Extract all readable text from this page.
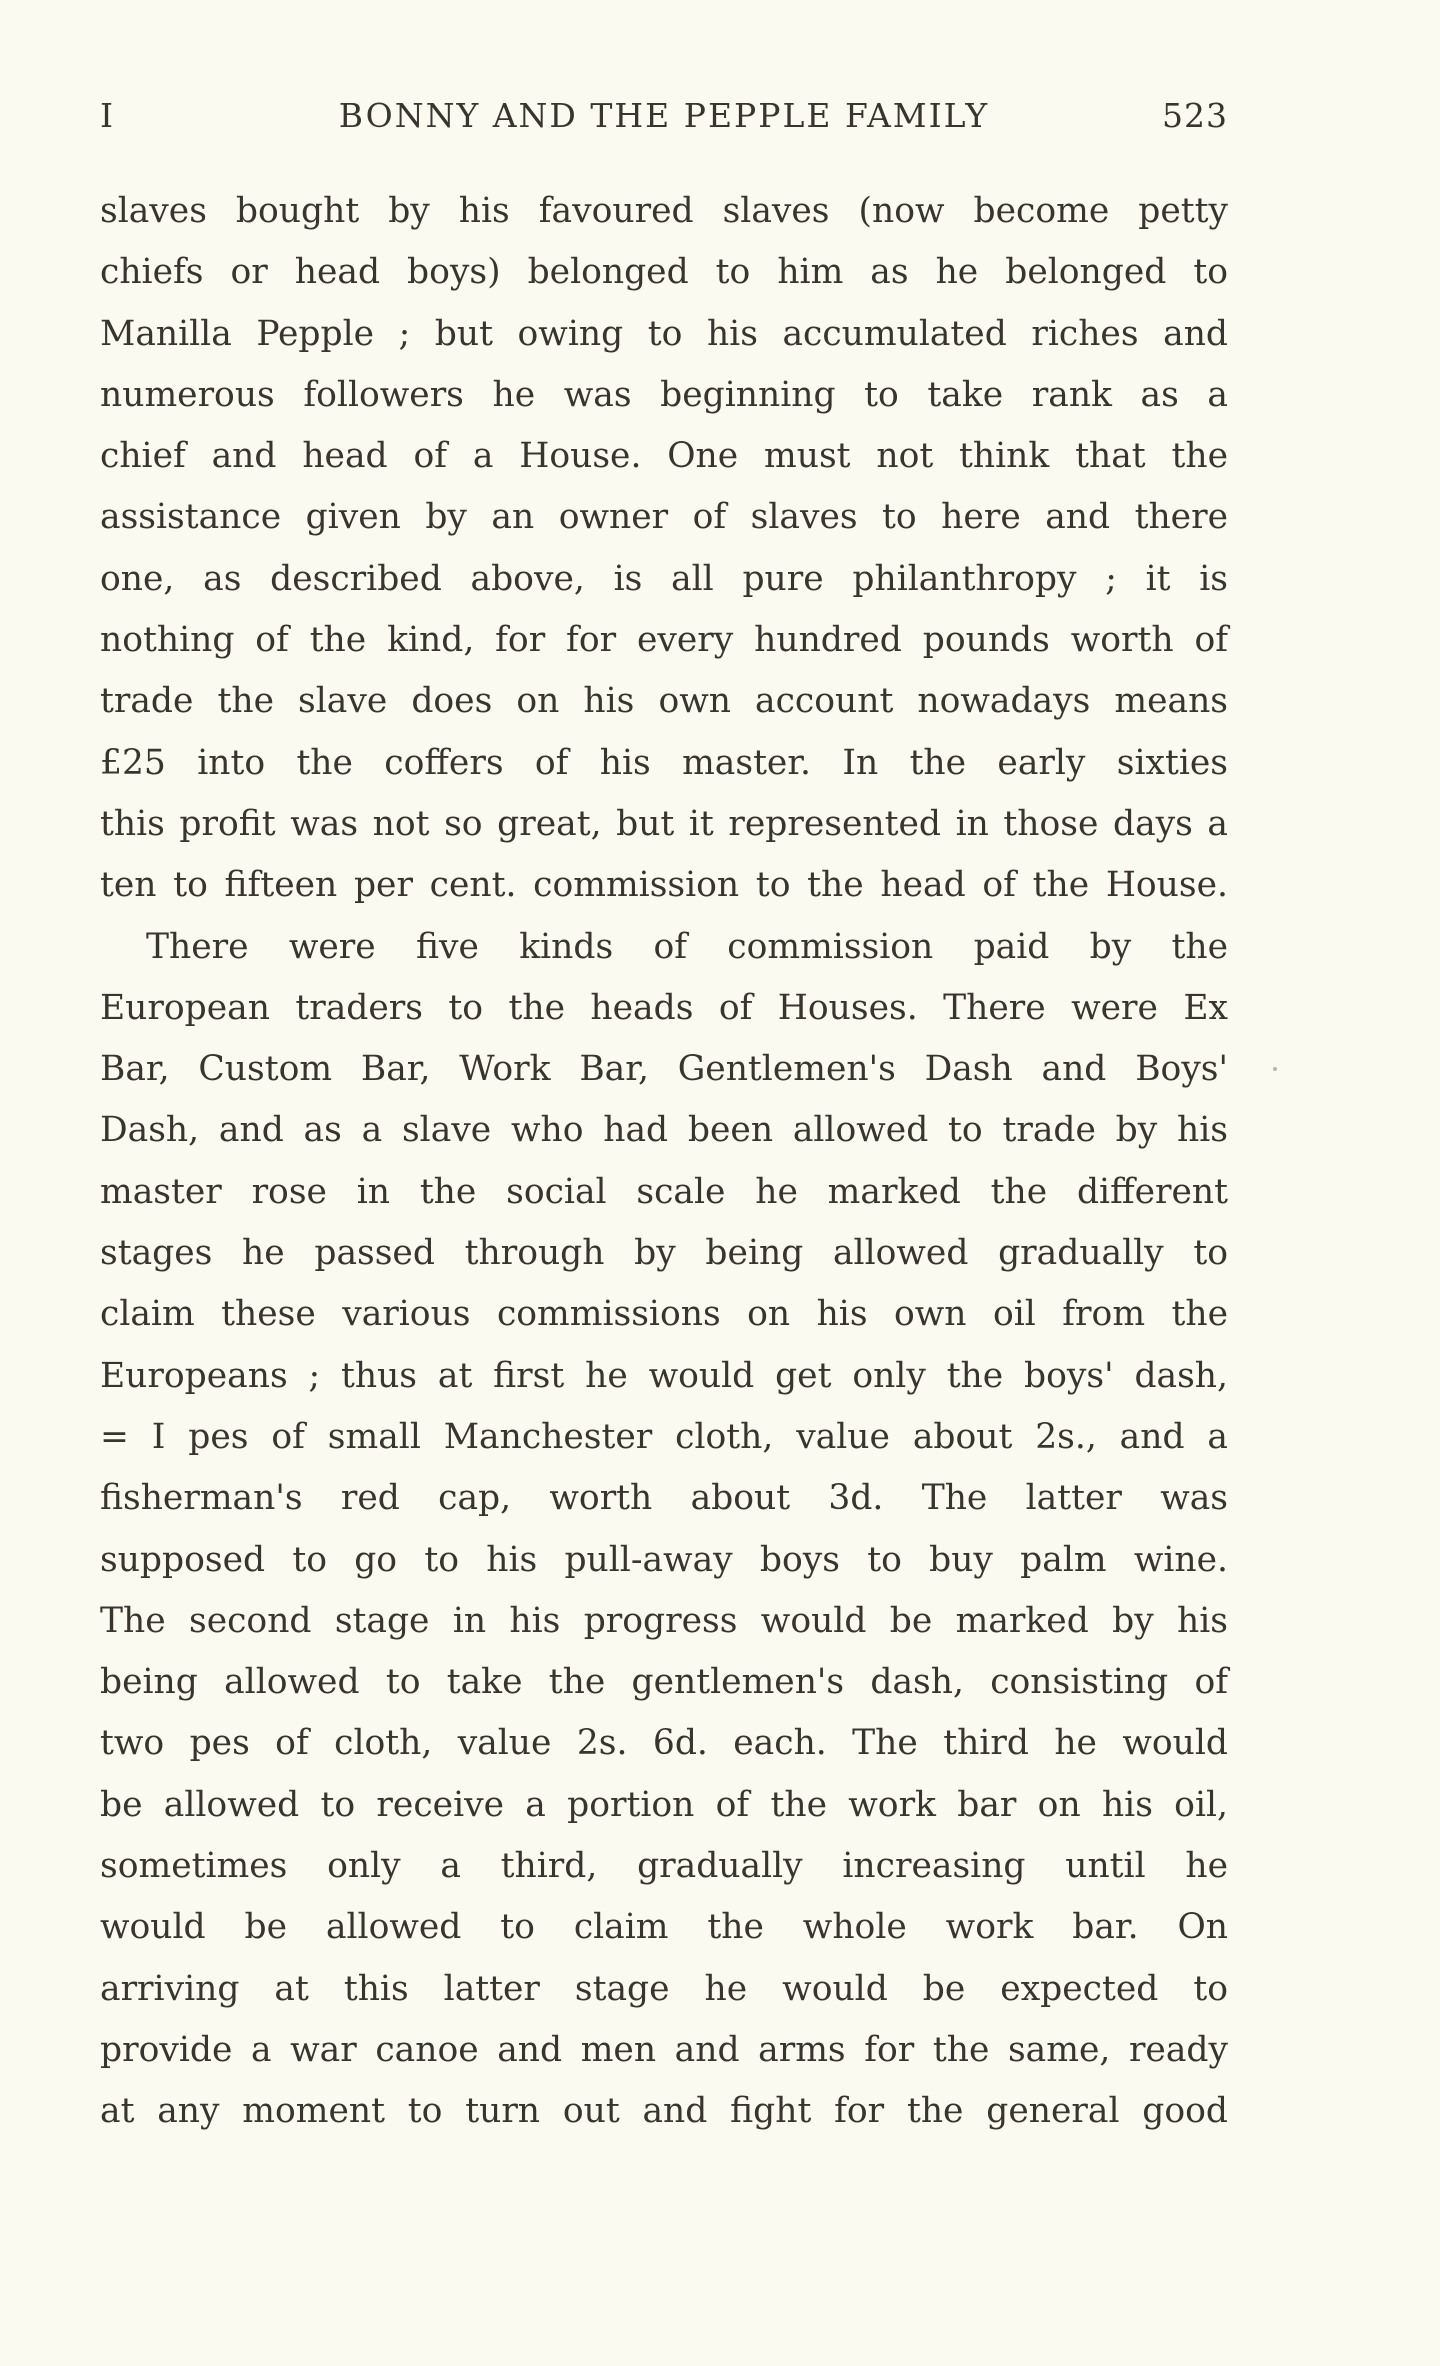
I	BONNY AND THE PEPPLE FAMILY	523
slaves bought by his favoured slaves (now become petty
chiefs or head boys) belonged to him as he belonged to
Manilla Pepple ; but owing to his accumulated riches and
numerous followers he was beginning to take rank as a
chief and head of a House. One must not think that the
assistance given by an owner of slaves to here and there
one, as described above, is all pure philanthropy ; it is
nothing of the kind, for for every hundred pounds worth of
trade the slave does on his own account nowadays means
£25 into the coffers of his master. In the early sixties
this profit was not so great, but it represented in those days a
ten to fifteen per cent. commission to the head of the House.
There were five kinds of commission paid by the
European traders to the heads of Houses. There were Ex
Bar, Custom Bar, Work Bar, Gentlemen's Dash and Boys'
Dash, and as a slave who had been allowed to trade by his
master rose in the social scale he marked the different
stages he passed through by being allowed gradually to
claim these various commissions on his own oil from the
Europeans ; thus at first he would get only the boys' dash,
= I pes of small Manchester cloth, value about 2s., and a
fisherman's red cap, worth about 3d. The latter was
supposed to go to his pull-away boys to buy palm wine.
The second stage in his progress would be marked by his
being allowed to take the gentlemen's dash, consisting of
two pes of cloth, value 2s. 6d. each. The third he would
be allowed to receive a portion of the work bar on his oil,
sometimes only a third, gradually increasing until he
would be allowed to claim the whole work bar. On
arriving at this latter stage he would be expected to
provide a war canoe and men and arms for the same, ready
at any moment to turn out and fight for the general good
